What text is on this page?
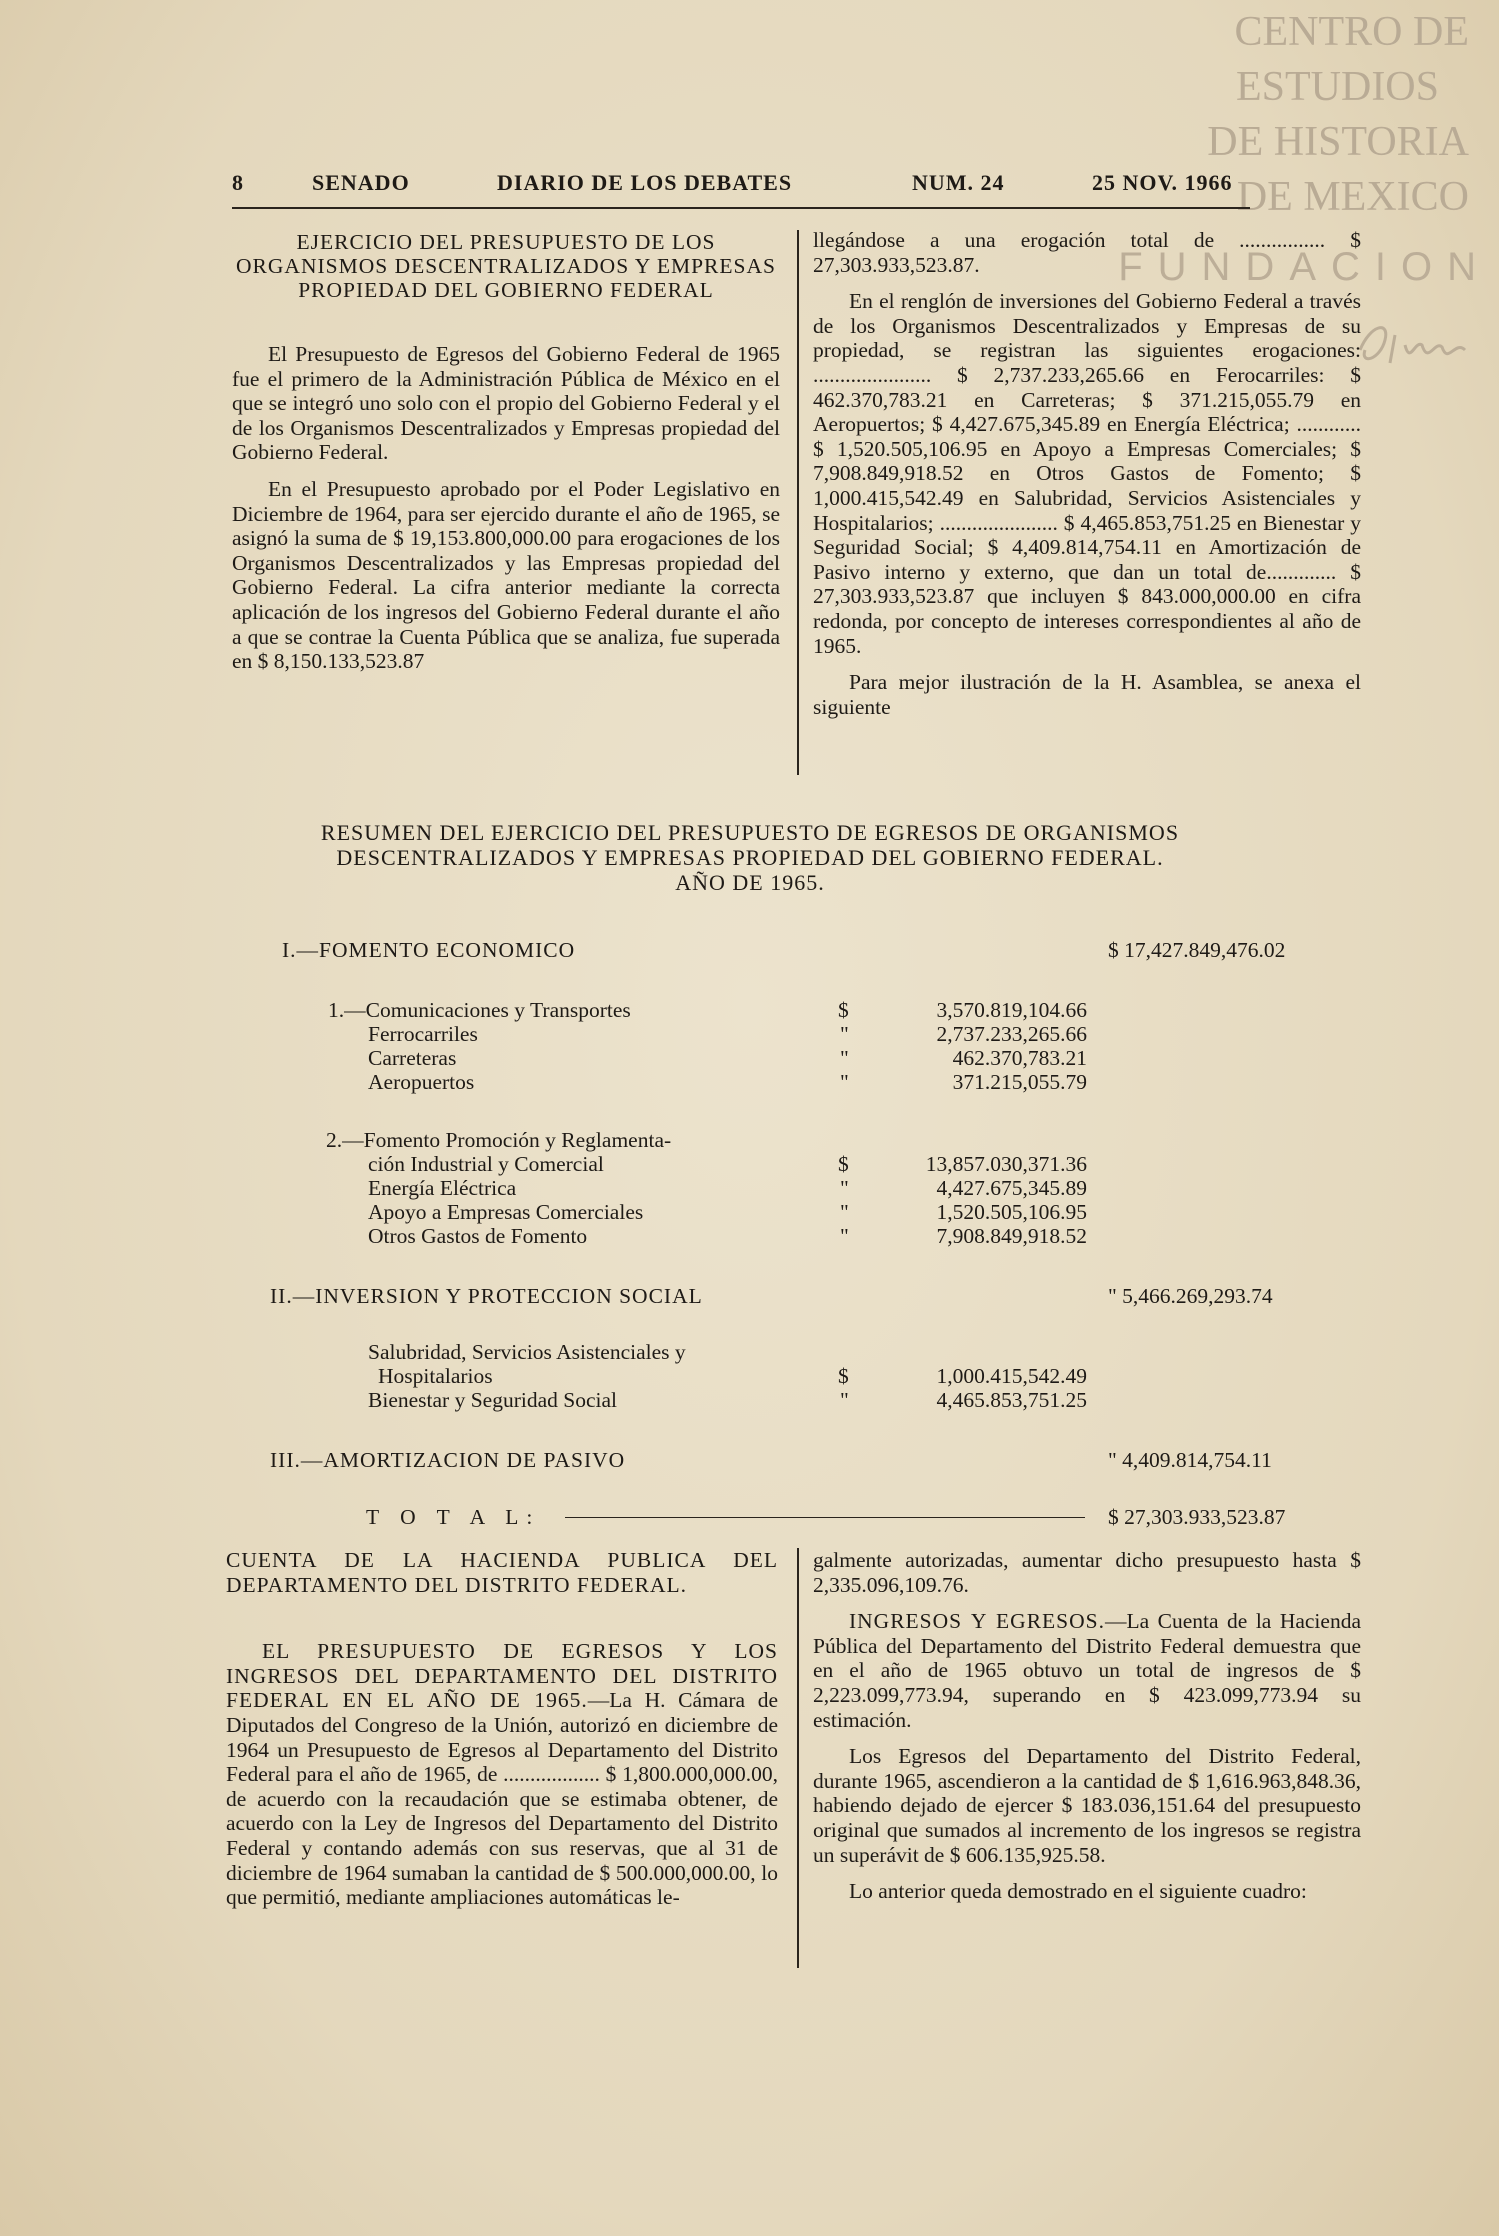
CENTRO DE
ESTUDIOS
DE HISTORIA
DE MEXICO
FUNDACION
8	SENADO	DIARIO DE LOS DEBATES	NUM. 24	25 NOV. 1966
EJERCICIO DEL PRESUPUESTO DE LOS ORGANISMOS DESCENTRALIZADOS Y EMPRESAS PROPIEDAD DEL GOBIERNO FEDERAL

El Presupuesto de Egresos del Gobierno Federal de 1965 fue el primero de la Administración Pública de México en el que se integró uno solo con el propio del Gobierno Federal y el de los Organismos Descentralizados y Empresas propiedad del Gobierno Federal.

En el Presupuesto aprobado por el Poder Legislativo en Diciembre de 1964, para ser ejercido durante el año de 1965, se asignó la suma de $ 19,153.800,000.00 para erogaciones de los Organismos Descentralizados y las Empresas propiedad del Gobierno Federal. La cifra anterior mediante la correcta aplicación de los ingresos del Gobierno Federal durante el año a que se contrae la Cuenta Pública que se analiza, fue superada en $ 8,150.133,523.87

llegándose a una erogación total de ................ $ 27,303.933,523.87.

En el renglón de inversiones del Gobierno Federal a través de los Organismos Descentralizados y Empresas de su propiedad, se registran las siguientes erogaciones: ...................... $ 2,737.233,265.66 en Ferocarriles: $ 462.370,783.21 en Carreteras; $ 371.215,055.79 en Aeropuertos; $ 4,427.675,345.89 en Energía Eléctrica; ............ $ 1,520.505,106.95 en Apoyo a Empresas Comerciales; $ 7,908.849,918.52 en Otros Gastos de Fomento; $ 1,000.415,542.49 en Salubridad, Servicios Asistenciales y Hospitalarios; ...................... $ 4,465.853,751.25 en Bienestar y Seguridad Social; $ 4,409.814,754.11 en Amortización de Pasivo interno y externo, que dan un total de............. $ 27,303.933,523.87 que incluyen $ 843.000,000.00 en cifra redonda, por concepto de intereses correspondientes al año de 1965.

Para mejor ilustración de la H. Asamblea, se anexa el siguiente

RESUMEN DEL EJERCICIO DEL PRESUPUESTO DE EGRESOS DE ORGANISMOS
DESCENTRALIZADOS Y EMPRESAS PROPIEDAD DEL GOBIERNO FEDERAL.
AÑO DE 1965.
I.—FOMENTO ECONOMICO	$ 17,427.849,476.02
1.—Comunicaciones y Transportes	$	3,570.819,104.66
Ferrocarriles	"	2,737.233,265.66
Carreteras	"	462.370,783.21
Aeropuertos	"	371.215,055.79
2.—Fomento Promoción y Reglamenta-
ción Industrial y Comercial	$	13,857.030,371.36
Energía Eléctrica	"	4,427.675,345.89
Apoyo a Empresas Comerciales	"	1,520.505,106.95
Otros Gastos de Fomento	"	7,908.849,918.52
II.—INVERSION Y PROTECCION SOCIAL	" 5,466.269,293.74
Salubridad, Servicios Asistenciales y
Hospitalarios	$	1,000.415,542.49
Bienestar y Seguridad Social	"	4,465.853,751.25
III.—AMORTIZACION DE PASIVO	" 4,409.814,754.11
T O T A L:	$ 27,303.933,523.87
CUENTA DE LA HACIENDA PUBLICA DEL DEPARTAMENTO DEL DISTRITO FEDERAL.

EL PRESUPUESTO DE EGRESOS Y LOS INGRESOS DEL DEPARTAMENTO DEL DISTRITO FEDERAL EN EL AÑO DE 1965.—La H. Cámara de Diputados del Congreso de la Unión, autorizó en diciembre de 1964 un Presupuesto de Egresos al Departamento del Distrito Federal para el año de 1965, de .................. $ 1,800.000,000.00, de acuerdo con la recaudación que se estimaba obtener, de acuerdo con la Ley de Ingresos del Departamento del Distrito Federal y contando además con sus reservas, que al 31 de diciembre de 1964 sumaban la cantidad de $ 500.000,000.00, lo que permitió, mediante ampliaciones automáticas le-

galmente autorizadas, aumentar dicho presupuesto hasta $ 2,335.096,109.76.

INGRESOS Y EGRESOS.—La Cuenta de la Hacienda Pública del Departamento del Distrito Federal demuestra que en el año de 1965 obtuvo un total de ingresos de $ 2,223.099,773.94, superando en $ 423.099,773.94 su estimación.

Los Egresos del Departamento del Distrito Federal, durante 1965, ascendieron a la cantidad de $ 1,616.963,848.36, habiendo dejado de ejercer $ 183.036,151.64 del presupuesto original que sumados al incremento de los ingresos se registra un superávit de $ 606.135,925.58.

Lo anterior queda demostrado en el siguiente cuadro:
